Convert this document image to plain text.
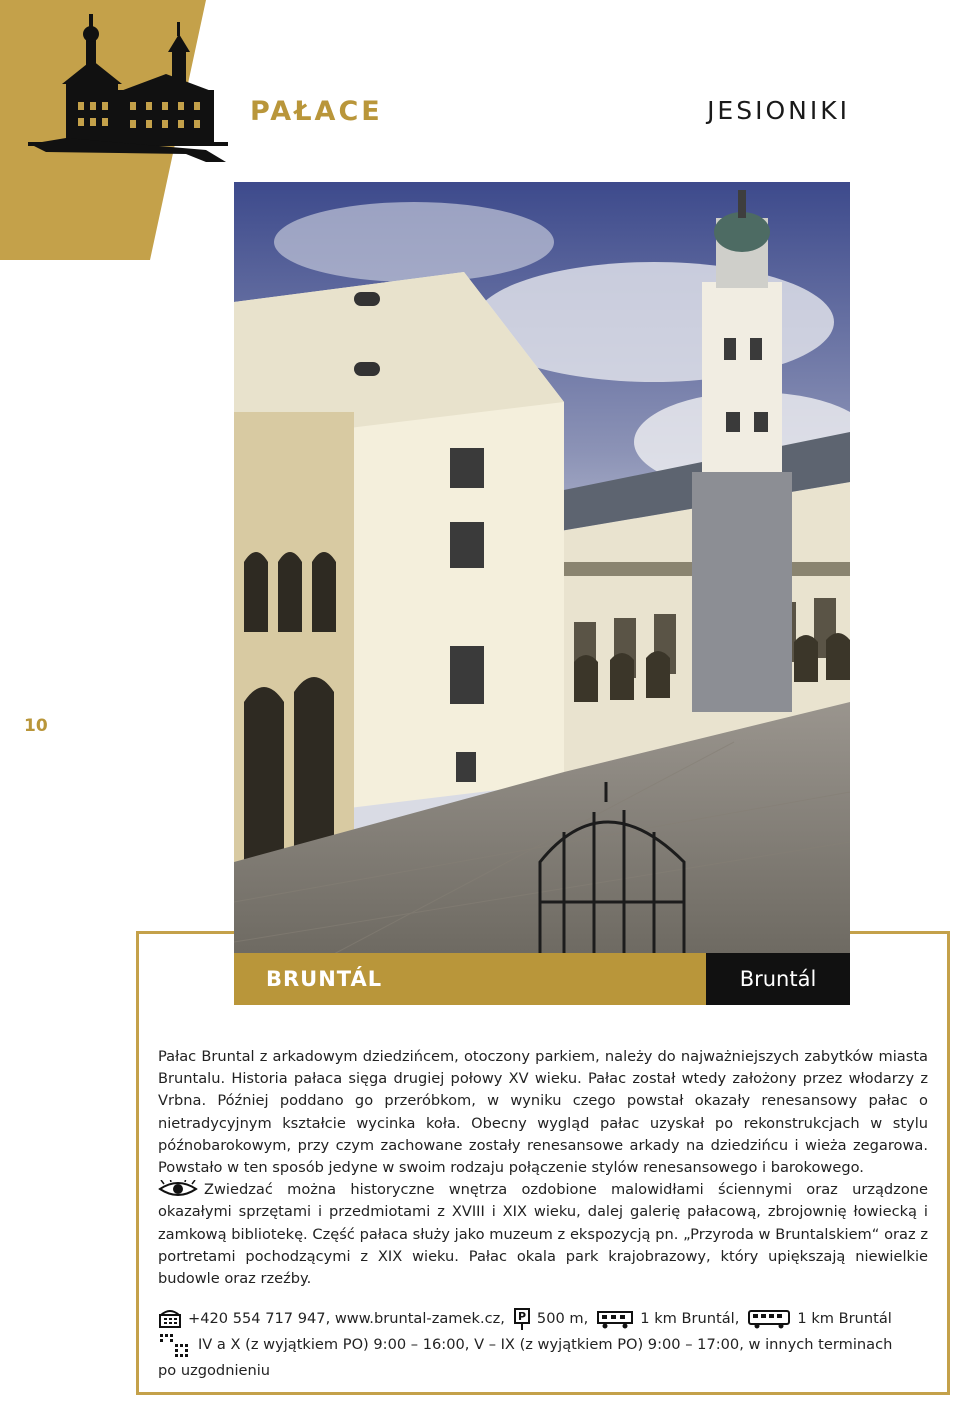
PAŁACE	JESIONIKI
10
BRUNTÁL	Bruntál

Pałac Bruntal z arkadowym dziedzińcem, otoczony parkiem, należy do najważniejszych zabytków miasta Bruntalu. Historia pałaca sięga drugiej połowy XV wieku. Pałac został wtedy założony przez włodarzy z Vrbna. Później poddano go przeróbkom, w wyniku czego powstał okazały renesansowy pałac o nietradycyjnym kształcie wycinka koła. Obecny wygląd pałac uzyskał po rekonstrukcjach w stylu późnobarokowym, przy czym zachowane zostały renesansowe arkady na dziedzińcu i wieża zegarowa. Powstało w ten sposób jedyne w swoim rodzaju połączenie stylów renesansowego i barokowego.

Zwiedzać można historyczne wnętrza ozdobione malowidłami ściennymi oraz urządzone okazałymi sprzętami i przedmiotami z XVIII i XIX wieku, dalej galerię pałacową, zbrojownię łowiecką i zamkową bibliotekę. Część pałaca służy jako muzeum z ekspozycją pn. „Przyroda w Bruntalskiem“ oraz z portretami pochodzącymi z XIX wieku. Pałac okala park krajobrazowy, który upiększają niewielkie budowle oraz rzeźby.

+420 554 717 947, www.bruntal-zamek.cz, P 500 m,	1 km Bruntál,	1 km Bruntál
IV a X (z wyjątkiem PO) 9:00 – 16:00, V – IX (z wyjątkiem PO) 9:00 – 17:00, w innych terminach
po uzgodnieniu
